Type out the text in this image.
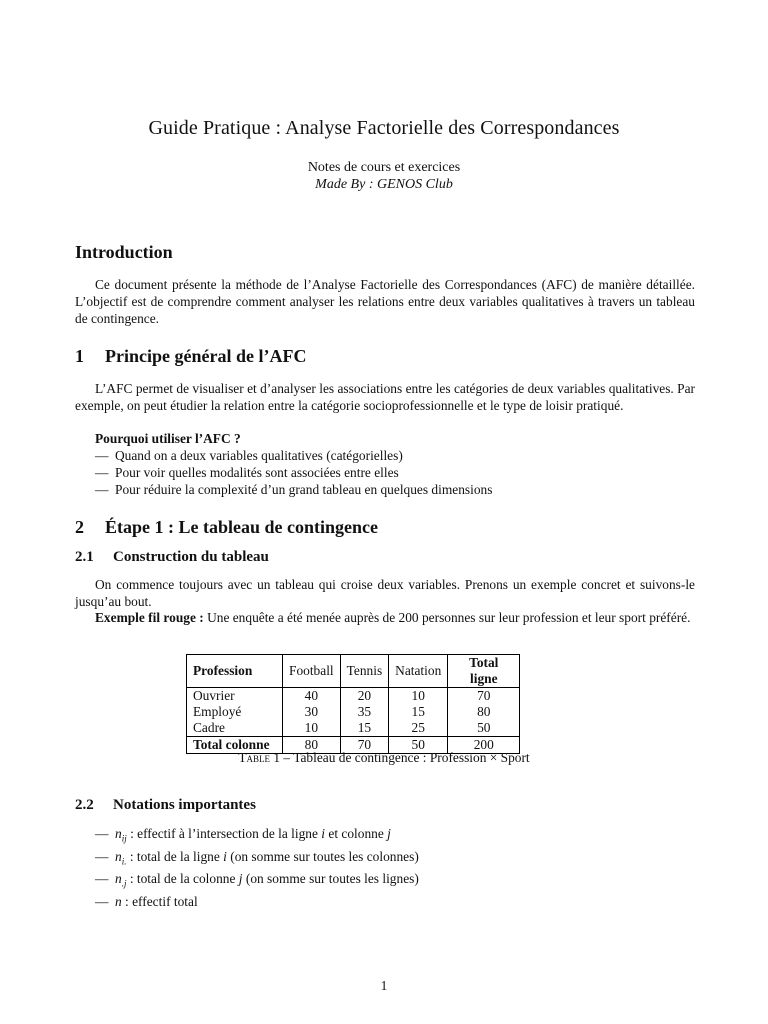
Guide Pratique : Analyse Factorielle des Correspondances
Notes de cours et exercices
Made By : GENOS Club
Introduction
Ce document présente la méthode de l’Analyse Factorielle des Correspondances (AFC) de manière détaillée. L’objectif est de comprendre comment analyser les relations entre deux variables qualitatives à travers un tableau de contingence.
1 Principe général de l’AFC
L’AFC permet de visualiser et d’analyser les associations entre les catégories de deux variables qualitatives. Par exemple, on peut étudier la relation entre la catégorie socioprofessionnelle et le type de loisir pratiqué.
Pourquoi utiliser l’AFC ?
— Quand on a deux variables qualitatives (catégorielles)
— Pour voir quelles modalités sont associées entre elles
— Pour réduire la complexité d’un grand tableau en quelques dimensions
2 Étape 1 : Le tableau de contingence
2.1 Construction du tableau
On commence toujours avec un tableau qui croise deux variables. Prenons un exemple concret et suivons-le jusqu’au bout.
Exemple fil rouge : Une enquête a été menée auprès de 200 personnes sur leur profession et leur sport préféré.
Profession	Football	Tennis	Natation	Total ligne
Ouvrier	40	20	10	70
Employé	30	35	15	80
Cadre	10	15	25	50
Total colonne	80	70	50	200
Table 1 – Tableau de contingence : Profession × Sport
2.2 Notations importantes
— $n_{ij}$ : effectif à l’intersection de la ligne i et colonne j
— $n_{i.}$ : total de la ligne i (on somme sur toutes les colonnes)
— $n_{.j}$ : total de la colonne j (on somme sur toutes les lignes)
— n : effectif total
1
